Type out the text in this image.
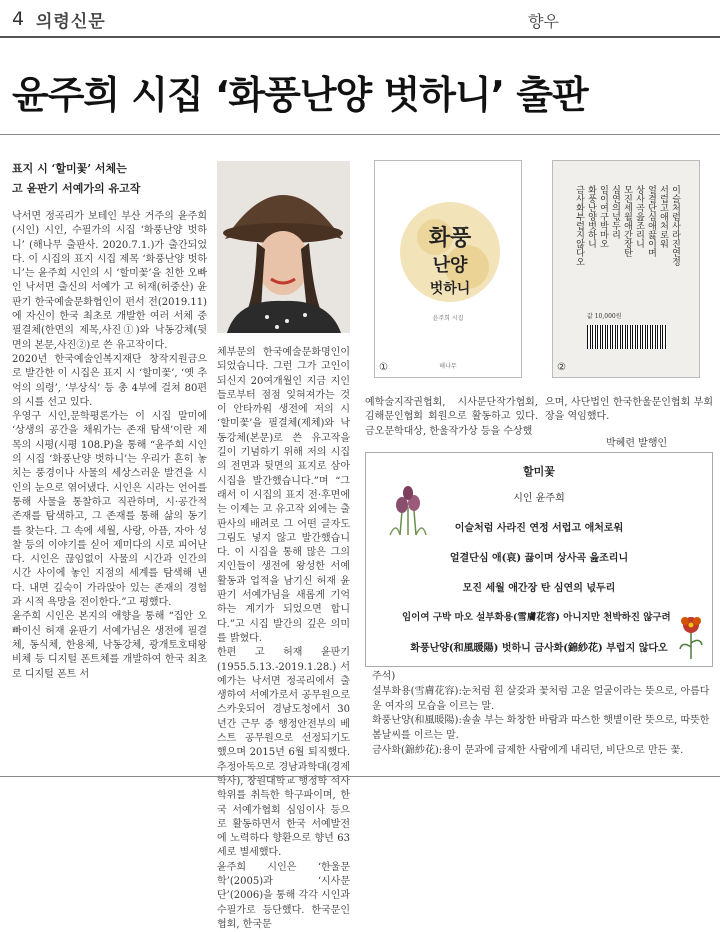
4 의령신문	향우
윤주희 시집 ‘화풍난양 벗하니’ 출판
표지 시 ‘할미꽃’ 서체는
고 윤판기 서예가의 유고작
낙서면 정곡리가 보테인 부산 거주의 윤주희(시인) 시인, 수필가의 시집 ‘화풍난양 벗하니’ (해나무 출판사. 2020.7.1.)가 출간되었다. 이 시집의 표지 시집 제목 ‘화풍난양 벗하니’는 윤주희 시인의 시 ‘할미꽃’을 친한 오빠인 낙서면 출신의 서예가 고 허재(허중산) 윤판기 한국예술문화협인이 펀서 전(2019.11)에 자신이 한국 최초로 개발한 여러 서체 중 필결체(한면의 제목,사진①)와 낙동강체(뒷면의 본문,사진②)로 쓴 유고작이다.
2020년 한국예술인복지재단 창작지원금으로 발간한 이 시집은 표지 시 ‘할미꽃’, ‘옛 추억의 의령’, ‘부상식’ 등 총 4부에 걸쳐 80편의 시를 선고 있다.
우영구 시인,문학평론가는 이 시집 말미에 ‘상생의 공간을 채워가는 존재 탐색’이란 제목의 시평(시평 108.P)을 통해 “윤주희 시인의 시집 ‘화풍난양 벗하니’는 우리가 흔히 놓치는 풍경이나 사물의 세상스러운 발견을 시인의 눈으로 엮어냈다. 시인은 시라는 언어를 통해 사물을 통찰하고 직관하며, 시·공간적 존재를 탐색하고, 그 존재를 통해 삶의 동기를 찾는다. 그 속에 세월, 사랑, 아픔, 자아 성찰 등의 이야기를 싣어 제미다의 시로 피어난다. 시인은 끊임없이 사물의 시간과 인간의 시간 사이에 놓인 지점의 세계를 탐색해 낸다. 내면 깊숙이 가라앉아 있는 존재의 경험과 시적 욕망을 전이한다.”고 평했다.
윤주희 시인은 본지의 애향을 통해 “집안 오빠이신 허재 윤판기 서예가님은 생전에 필결체, 동식체, 한용체, 낙동강체, 광개토호태왕비체 등 디지털 폰트체를 개발하여 한국 최초로 디지털 폰트 서
체부문의 한국예술문화명인이 되었습니다. 그런 그가 고인이 되신지 20여개월인 지금 지인들로부터 점점 잊혀져가는 것이 안타까워 생전에 저의 시 ‘할미꽃’을 필결체(제체)와 낙동강체(본문)로 쓴 유고작을 길이 기념하기 위해 저의 시집의 전면과 뒷면의 표지로 삼아 시집을 발간했습니다.”며 “그래서 이 시집의 표지 전·후면에는 이제는 고 유고작 외에는 출판사의 배려로 그 어떤 글자도 그림도 넣지 않고 발간했습니다. 이 시집을 통해 많은 그의 지인들이 생전에 왕성한 서예 활동과 업적을 남기신 허재 윤판기 서예가님을 새롭게 기억하는 계기가 되었으면 합니다.”고 시집 발간의 깊은 의미를 밝혔다.
한편 고 허재 윤판기(1955.5.13.-2019.1.28.) 서예가는 낙서면 정곡리에서 출생하여 서예가로서 공무원으로 스카웃되어 경남도청에서 30년간 근무 중 행정안전부의 베스트 공무원으로 선정되기도 했으며 2015년 6월 퇴직했다. 추정아독으로 경남과학대(경제학사), 창원대학교 행정학 석사학위를 취득한 학구파이며, 한국 서예가협회 심임이사 등으로 활동하면서 한국 서예발전에 노력하다 향환으로 향년 63세로 별세했다.
윤주희 시인은 ‘한울문학’(2005)과 ‘시사문단’(2006)을 통해 각각 시인과 수필가로 등단했다. 한국문인협회, 한국문
화풍
난양
벗하니
윤주희 시집
해나무
①
이슬처럼사라진연정
서럽고애처로워
얼결단심애끓이며
상사곡읊조리니
모진세월애간장탄
심연의넋두리
임이여구박마오
화풍난양벗하니
금사화부럽지않다오
값 10,000원
②
예학술지작권협회, 시사문단작가협회, 김해문인협회 회원으로 활동하고 있다. 금오문학대상, 한울작가상 등을 수상했
으며, 사단법인 한국한울문인협회 부회장을 역임했다.
박혜련 발행인
할미꽃
시인 윤주희
이슬처럼 사라진 연정 서럽고 애처로워
얼결단심 애(哀) 끓이며 상사곡 읊조리니
모진 세월 애간장 탄 심연의 넋두리
임이여 구박 마오 설부화용(雪膚花容) 아니지만 천박하진 않구려
화풍난양(和風暖陽) 벗하니 금사화(錦紗花) 부럽지 않다오
주석)
설부화용(雪膚花容):눈처럼 흰 살갗과 꽃처럼 고운 얼굴이라는 뜻으로, 아름다운 여자의 모습을 이르는 말.
화풍난양(和風暖陽):솔솔 부는 화창한 바람과 따스한 햇볕이란 뜻으로, 따뜻한 봄날씨를 이르는 말.
금사화(錦紗花):용이 문과에 급제한 사람에게 내리던, 비단으로 만든 꽃.
